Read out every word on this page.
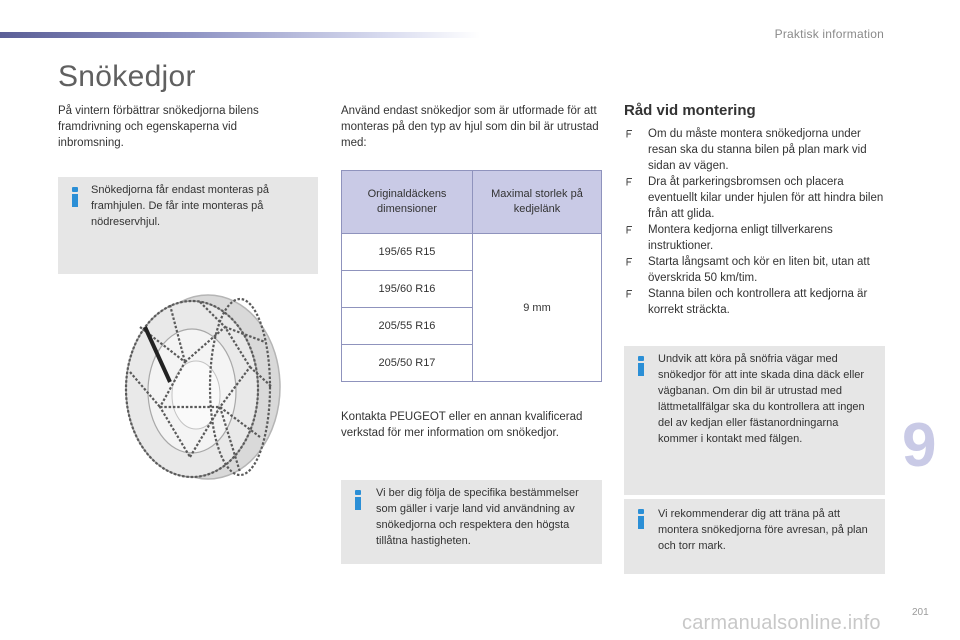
Praktisk information
Snökedjor

På vintern förbättrar snökedjorna bilens framdrivning och egenskaperna vid inbromsning.

Snökedjorna får endast monteras på framhjulen. De får inte monteras på nödreservhjul.

Använd endast snökedjor som är utformade för att monteras på den typ av hjul som din bil är utrustad med:

Originaldäckens dimensioner	Maximal storlek på kedjelänk
195/65 R15	9 mm
195/60 R16	
205/55 R16	
205/50 R17	

Kontakta PEUGEOT eller en annan kvalificerad verkstad för mer information om snökedjor.

Vi ber dig följa de specifika bestämmelser som gäller i varje land vid användning av snökedjorna och respektera den högsta tillåtna hastigheten.

Råd vid montering
Om du måste montera snökedjorna under resan ska du stanna bilen på plan mark vid sidan av vägen.
Dra åt parkeringsbromsen och placera eventuellt kilar under hjulen för att hindra bilen från att glida.
Montera kedjorna enligt tillverkarens instruktioner.
Starta långsamt och kör en liten bit, utan att överskrida 50 km/tim.
Stanna bilen och kontrollera att kedjorna är korrekt sträckta.

Undvik att köra på snöfria vägar med snökedjor för att inte skada dina däck eller vägbanan. Om din bil är utrustad med lättmetallfälgar ska du kontrollera att ingen del av kedjan eller fästanordningarna kommer i kontakt med fälgen.

Vi rekommenderar dig att träna på att montera snökedjorna före avresan, på plan och torr mark.

9
carmanualsonline.info	201
